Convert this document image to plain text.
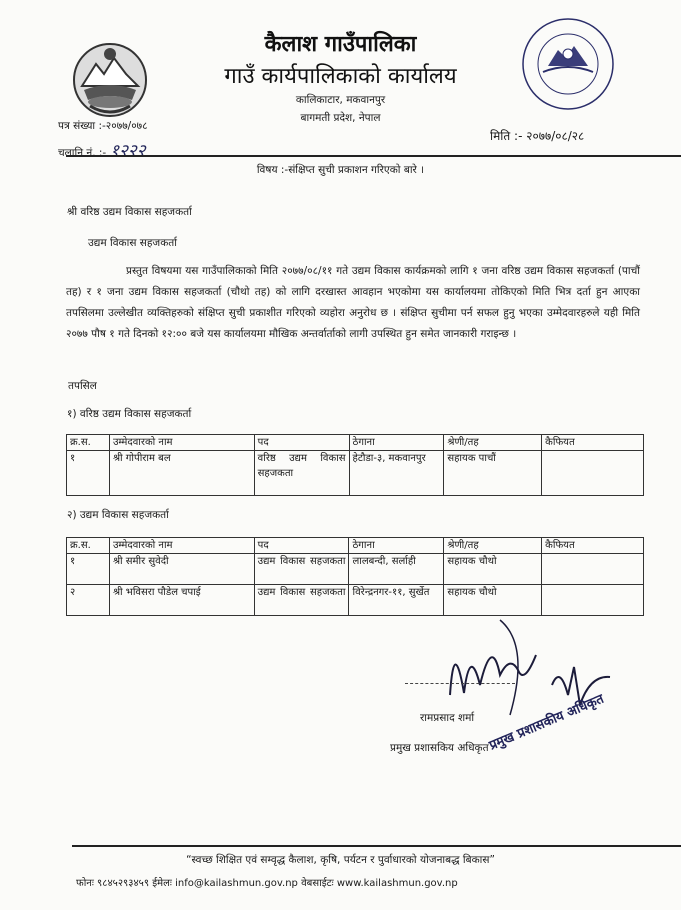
कैलाश गाउँपालिका
गाउँ कार्यपालिकाको कार्यालय
कालिकाटार, मकवानपुर
बागमती प्रदेश, नेपाल
पत्र संख्या :-२०७७/०७८
चलानि नं. :- १२२२
मिति :- २०७७/०८/२८
विषय :-संक्षिप्त सुची प्रकाशन गरिएको बारे ।
श्री वरिष्ठ उद्यम विकास सहजकर्ता
उद्यम विकास सहजकर्ता
प्रस्तुत विषयमा यस गाउँपालिकाको मिति २०७७/०८/११ गते उद्यम विकास कार्यक्रमको लागि १ जना वरिष्ठ उद्यम विकास सहजकर्ता (पाचौं तह) र १ जना उद्यम विकास सहजकर्ता (चौथो तह) को लागि दरखास्त आवहान भएकोमा यस कार्यालयमा तोकिएको मिति भित्र दर्ता हुन आएका तपसिलमा उल्लेखीत व्यक्तिहरुको संक्षिप्त सुची प्रकाशीत गरिएको व्यहोरा अनुरोध छ । संक्षिप्त सुचीमा पर्न सफल हुनु भएका उम्मेदवारहरुले यही मिति २०७७ पौष १ गते दिनको १२:०० बजे यस कार्यालयमा मौखिक अन्तर्वार्ताको लागी उपस्थित हुन समेत जानकारी गराइन्छ ।
तपसिल
१) वरिष्ठ उद्यम विकास सहजकर्ता
क्र.स.	उम्मेदवारको नाम	पद	ठेगाना	श्रेणी/तह	कैफियत
१	श्री गोपीराम बल	वरिष्ठ उद्यम विकास सहजकता	हेटौडा-३, मकवानपुर	सहायक पाचौं	
२) उद्यम विकास सहजकर्ता
क्र.स.	उम्मेदवारको नाम	पद	ठेगाना	श्रेणी/तह	कैफियत
१	श्री समीर सुवेदी	उद्यम विकास सहजकता	लालबन्दी, सर्लाही	सहायक चौथो	
२	श्री भविसरा पौडेल चपाई	उद्यम विकास सहजकता	विरेन्द्रनगर-११, सुर्खेत	सहायक चौथो	
रामप्रसाद शर्मा
प्रमुख प्रशासकिय अधिकृत
प्रमुख प्रशासकीय अधिकृत
“स्वच्छ शिक्षित एवं सम्वृद्ध कैलाश, कृषि, पर्यटन र पुर्वाधारको योजनाबद्ध बिकास”
फोनः ९८४५२९३४५९ ईमेलः info@kailashmun.gov.np वेबसाईटः www.kailashmun.gov.np
